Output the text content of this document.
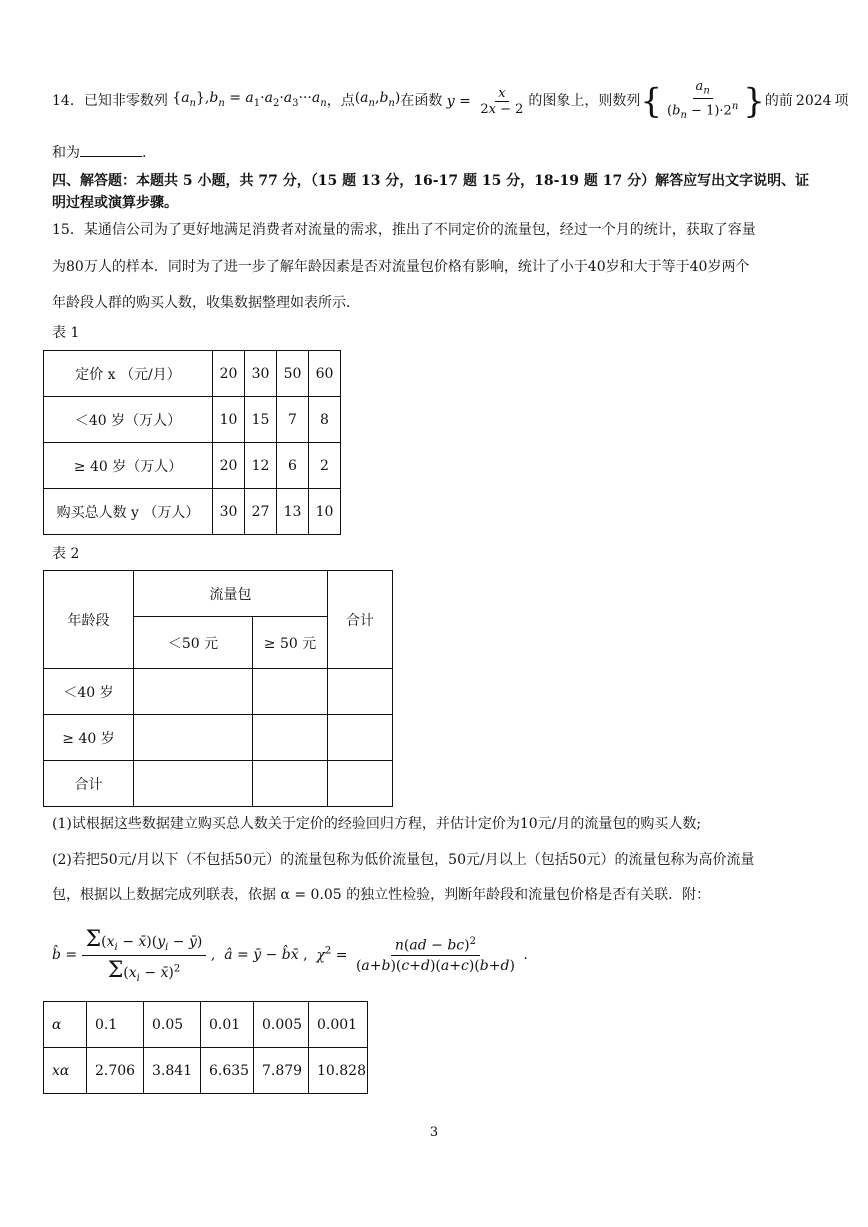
14． 已知非零数列 $\{a_n\},b_n = a_1\cdot a_2\cdot a_3\cdot\cdot\cdot a_n$ ，点 $(a_n,b_n)$ 在函数 $y = \frac{x}{2x - 2}$ 的图象上，则数列 { $\frac{a_n}{(b_n - 1)\cdot 2^n}$ } 的前 2024 项
和为	.
四、解答题：本题共 5 小题，共 77 分，（15 题 13 分，16-17 题 15 分，18-19 题 17 分）解答应写出文字说明、证
明过程或演算步骤。
15．某通信公司为了更好地满足消费者对流量的需求，推出了不同定价的流量包，经过一个月的统计，获取了容量
为80万人的样本．同时为了进一步了解年龄因素是否对流量包价格有影响，统计了小于40岁和大于等于40岁两个
年龄段人群的购买人数，收集数据整理如表所示．
表 1
定价 x （元/月）	20	30	50	60
＜40 岁（万人）	10	15	7	8
≥ 40 岁（万人）	20	12	6	2
购买总人数 y （万人）	30	27	13	10
表 2
年龄段	流量包		合计
	＜50 元	≥ 50 元	
＜40 岁			
≥ 40 岁			
合计			
(1)试根据这些数据建立购买总人数关于定价的经验回归方程，并估计定价为10元/月的流量包的购买人数;
(2)若把50元/月以下（不包括50元）的流量包称为低价流量包，50元/月以上（包括50元）的流量包称为高价流量
包，根据以上数据完成列联表，依据 α = 0.05 的独立性检验，判断年龄段和流量包价格是否有关联．附：
b̂ = $\frac{\Sigma(x_i - x̄)(y_i - ȳ)}{\Sigma(x_i - x̄)^2}$ , â = ȳ − b̂x̄ , $\chi^2 = \frac{n(ad - bc)^2}{(a+b)(c+d)(a+c)(b+d)}$ .
α	0.1	0.05	0.01	0.005	0.001
xα	2.706	3.841	6.635	7.879	10.828
3
